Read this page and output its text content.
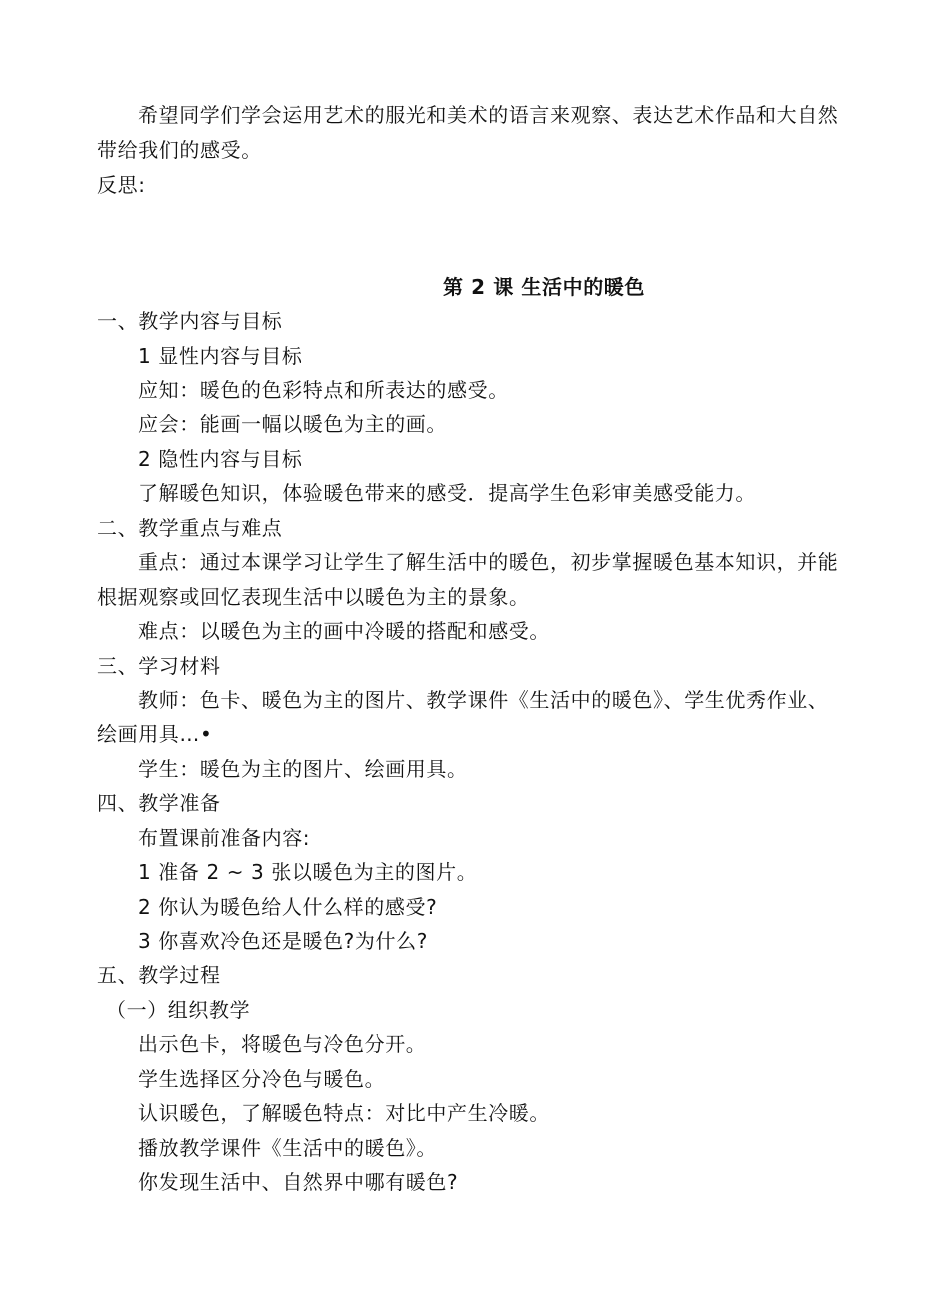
希望同学们学会运用艺术的服光和美术的语言来观察、表达艺术作品和大自然
带给我们的感受。
反思:
第 2 课 生活中的暖色
一、教学内容与目标
1 显性内容与目标
应知：暖色的色彩特点和所表达的感受。
应会：能画一幅以暖色为主的画。
2 隐性内容与目标
了解暖色知识，体验暖色带来的感受．提高学生色彩审美感受能力。
二、教学重点与难点
重点：通过本课学习让学生了解生活中的暖色，初步掌握暖色基本知识，并能
根据观察或回忆表现生活中以暖色为主的景象。
难点：以暖色为主的画中冷暖的搭配和感受。
三、学习材料
教师：色卡、暖色为主的图片、教学课件《生活中的暖色》、学生优秀作业、
绘画用具…•
学生：暖色为主的图片、绘画用具。
四、教学准备
布置课前准备内容:
1 准备 2 ~ 3 张以暖色为主的图片。
2 你认为暖色给人什么样的感受?
3 你喜欢冷色还是暖色?为什么?
五、教学过程
（一）组织教学
出示色卡，将暖色与冷色分开。
学生选择区分冷色与暖色。
认识暖色，了解暖色特点：对比中产生冷暖。
播放教学课件《生活中的暖色》。
你发现生活中、自然界中哪有暖色?
